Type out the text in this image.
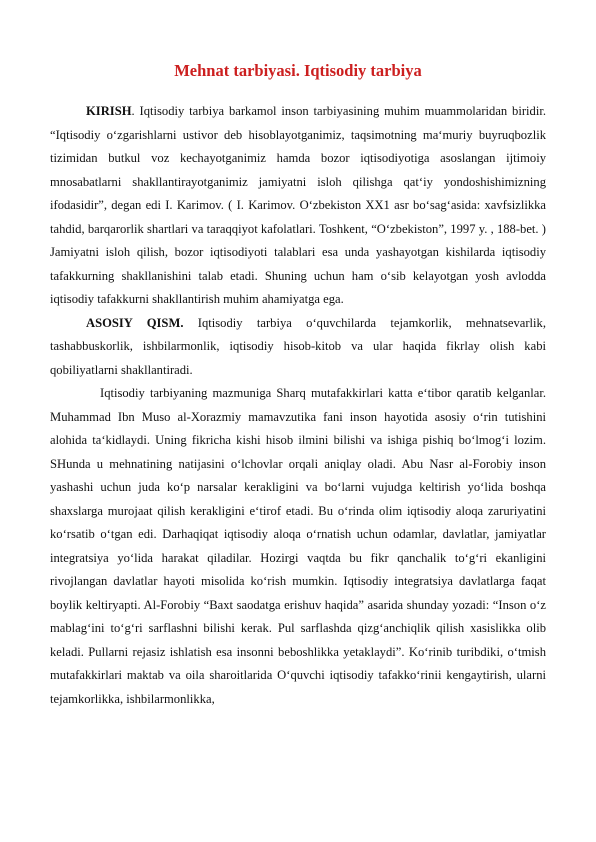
Mehnat tarbiyasi. Iqtisodiy tarbiya

KIRISH. Iqtisodiy tarbiya barkamol inson tarbiyasining muhim muammolaridan biridir. “Iqtisodiy o‘zgarishlarni ustivor deb hisoblayotganimiz, taqsimotning ma‘muriy buyruqbozlik tizimidan butkul voz kechayotganimiz hamda bozor iqtisodiyotiga asoslangan ijtimoiy mnosabatlarni shakllantirayotganimiz jamiyatni isloh qilishga qat‘iy yondoshishimizning ifodasidir”, degan edi I. Karimov. ( I. Karimov. O‘zbekiston XX1 asr bo‘sag‘asida: xavfsizlikka tahdid, barqarorlik shartlari va taraqqiyot kafolatlari. Toshkent, “O‘zbekiston”, 1997 y. , 188-bet. ) Jamiyatni isloh qilish, bozor iqtisodiyoti talablari esa unda yashayotgan kishilarda iqtisodiy tafakkurning shakllanishini talab etadi. Shuning uchun ham o‘sib kelayotgan yosh avlodda iqtisodiy tafakkurni shakllantirish muhim ahamiyatga ega.

ASOSIY QISM. Iqtisodiy tarbiya o‘quvchilarda tejamkorlik, mehnatsevarlik, tashabbuskorlik, ishbilarmonlik, iqtisodiy hisob-kitob va ular haqida fikrlay olish kabi qobiliyatlarni shakllantiradi.

Iqtisodiy tarbiyaning mazmuniga Sharq mutafakkirlari katta e‘tibor qaratib kelganlar. Muhammad Ibn Muso al-Xorazmiy mamavzutika fani inson hayotida asosiy o‘rin tutishini alohida ta‘kidlaydi. Uning fikricha kishi hisob ilmini bilishi va ishiga pishiq bo‘lmog‘i lozim. SHunda u mehnatining natijasini o‘lchovlar orqali aniqlay oladi. Abu Nasr al-Forobiy inson yashashi uchun juda ko‘p narsalar kerakligini va bo‘larni vujudga keltirish yo‘lida boshqa shaxslarga murojaat qilish kerakligini e‘tirof etadi. Bu o‘rinda olim iqtisodiy aloqa zaruriyatini ko‘rsatib o‘tgan edi. Darhaqiqat iqtisodiy aloqa o‘rnatish uchun odamlar, davlatlar, jamiyatlar integratsiya yo‘lida harakat qiladilar. Hozirgi vaqtda bu fikr qanchalik to‘g‘ri ekanligini rivojlangan davlatlar hayoti misolida ko‘rish mumkin. Iqtisodiy integratsiya davlatlarga faqat boylik keltiryapti. Al-Forobiy “Baxt saodatga erishuv haqida” asarida shunday yozadi: “Inson o‘z mablag‘ini to‘g‘ri sarflashni bilishi kerak. Pul sarflashda qizg‘anchiqlik qilish xasislikka olib keladi. Pullarni rejasiz ishlatish esa insonni beboshlikka yetaklaydi”. Ko‘rinib turibdiki, o‘tmish mutafakkirlari maktab va oila sharoitlarida O‘quvchi iqtisodiy tafakko‘rinii kengaytirish, ularni tejamkorlikka, ishbilarmonlikka,
